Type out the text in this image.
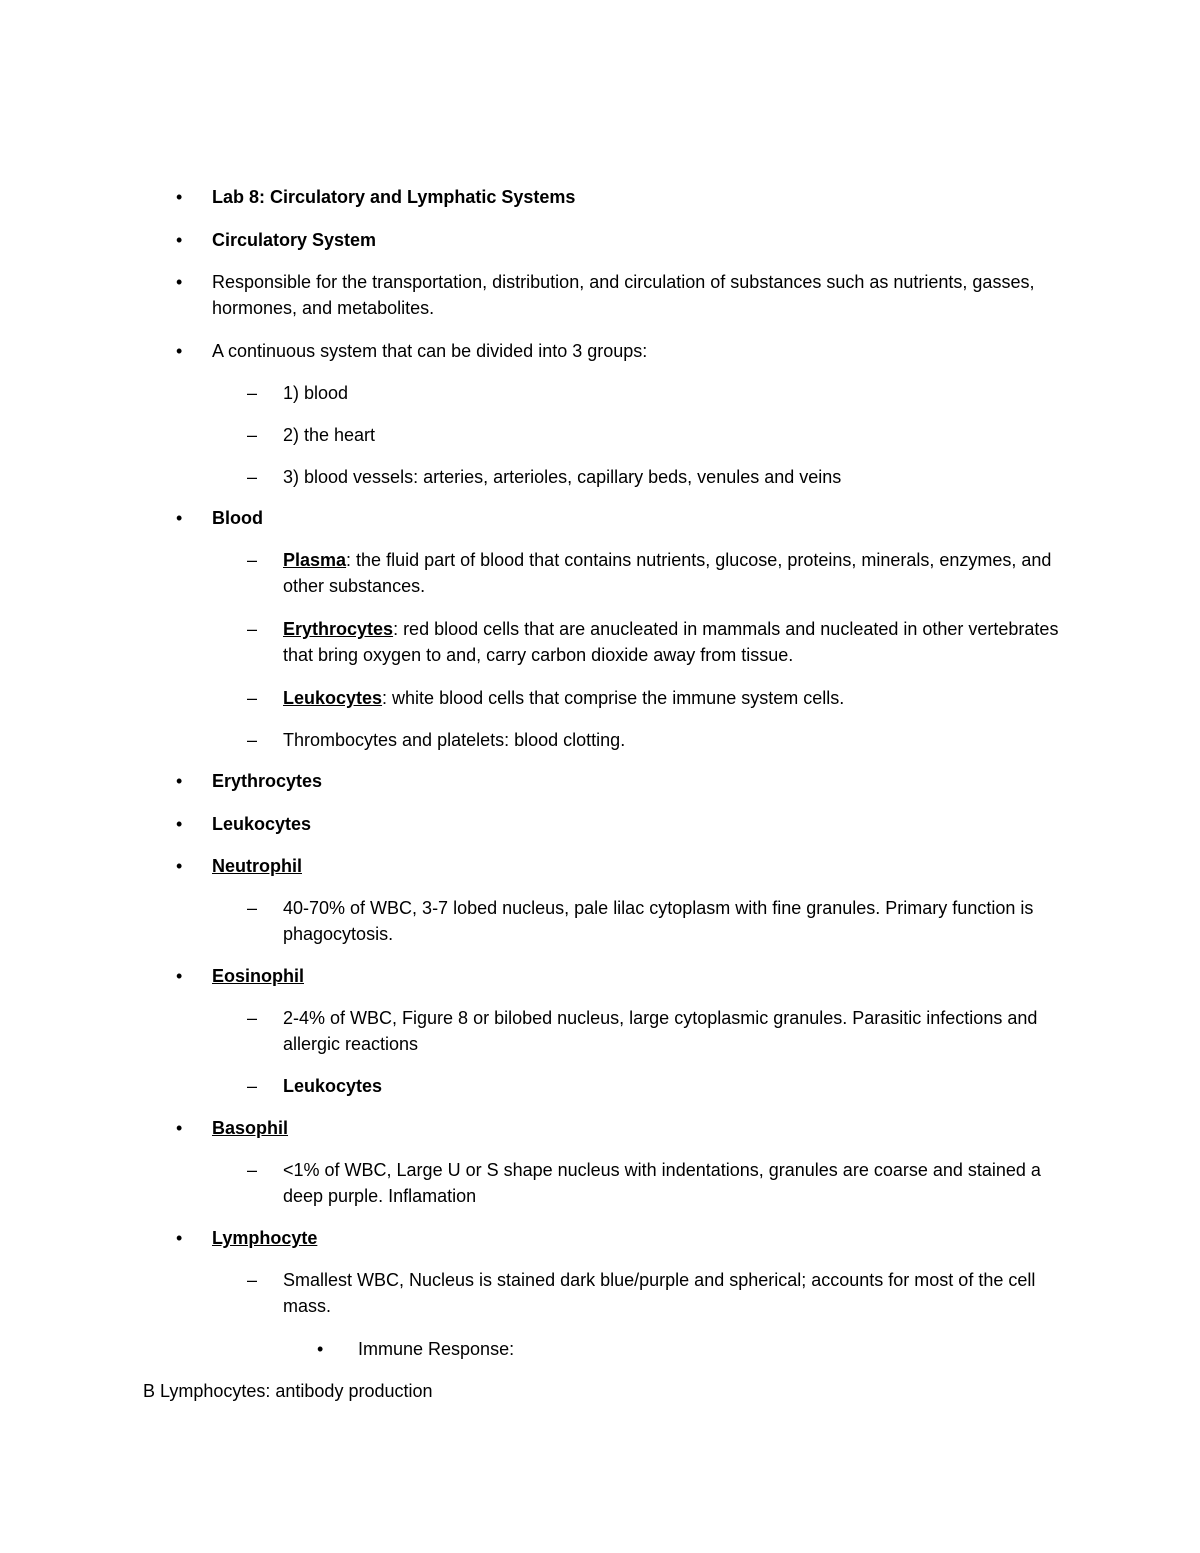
• Lab 8: Circulatory and Lymphatic Systems
• Circulatory System
• Responsible for the transportation, distribution, and circulation of substances such as nutrients, gasses, hormones, and metabolites.
• A continuous system that can be divided into 3 groups:
– 1) blood
– 2) the heart
– 3) blood vessels: arteries, arterioles, capillary beds, venules and veins
• Blood
– Plasma: the fluid part of blood that contains nutrients, glucose, proteins, minerals, enzymes, and other substances.
– Erythrocytes: red blood cells that are anucleated in mammals and nucleated in other vertebrates that bring oxygen to and, carry carbon dioxide away from tissue.
– Leukocytes: white blood cells that comprise the immune system cells.
– Thrombocytes and platelets: blood clotting.
• Erythrocytes
• Leukocytes
• Neutrophil
– 40-70% of WBC, 3-7 lobed nucleus, pale lilac cytoplasm with fine granules. Primary function is phagocytosis.
• Eosinophil
– 2-4% of WBC, Figure 8 or bilobed nucleus, large cytoplasmic granules. Parasitic infections and allergic reactions
– Leukocytes
• Basophil
– <1% of WBC, Large U or S shape nucleus with indentations, granules are coarse and stained a deep purple. Inflamation
• Lymphocyte
– Smallest WBC, Nucleus is stained dark blue/purple and spherical; accounts for most of the cell mass.
• Immune Response:
B Lymphocytes: antibody production
